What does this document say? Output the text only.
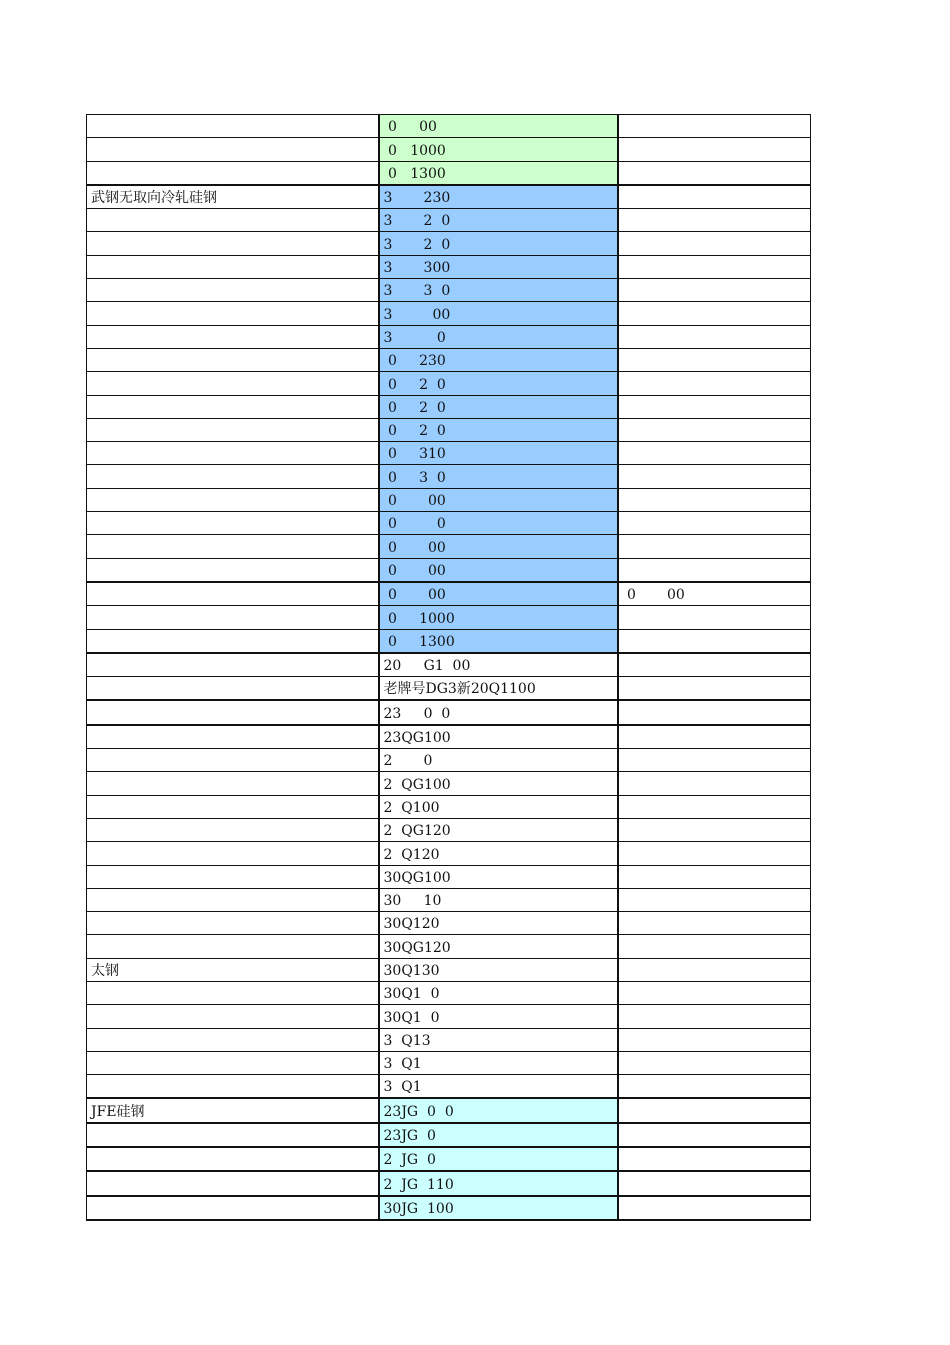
	0     00	
	0   1000	
	0   1300	
武钢无取向冷轧硅钢	3       230	
	3       2  0	
	3       2  0	
	3       300	
	3       3  0	
	3         00	
	3          0	
	0     230	
	0     2  0	
	0     2  0	
	0     2  0	
	0     310	
	0     3  0	
	0       00	
	0         0	
	0       00	
	0       00	
	0       00	0       00
	0     1000	
	0     1300	
	20     G1  00	
	老牌号DG3新20Q1100	
	23     0  0	
	23QG100	
	2       0	
	2  QG100	
	2  Q100	
	2  QG120	
	2  Q120	
	30QG100	
	30     10	
	30Q120	
	30QG120	
太钢	30Q130	
	30Q1  0	
	30Q1  0	
	3  Q13	
	3  Q1	
	3  Q1	
JFE硅钢	23JG  0  0	
	23JG  0	
	2  JG  0	
	2  JG  110	
	30JG  100	
